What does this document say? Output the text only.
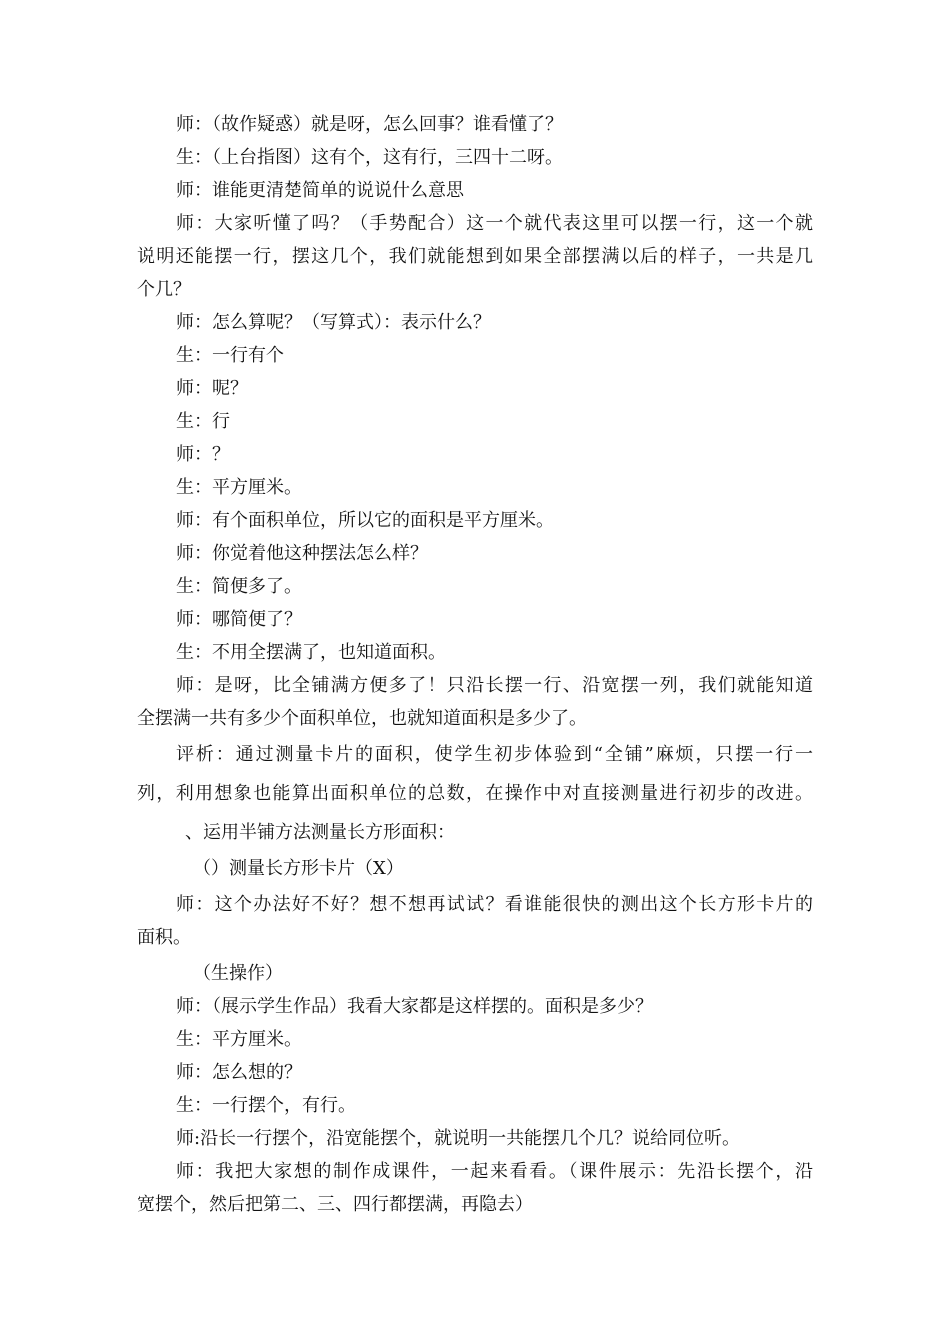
师：（故作疑惑）就是呀，怎么回事？谁看懂了？
生：（上台指图）这有个，这有行，三四十二呀。
师：谁能更清楚简单的说说什么意思
师：大家听懂了吗？（手势配合）这一个就代表这里可以摆一行，这一个就
说明还能摆一行，摆这几个，我们就能想到如果全部摆满以后的样子，一共是几
个几？
师：怎么算呢？（写算式）：表示什么？
生：一行有个
师：呢？
生：行
师：？
生：平方厘米。
师：有个面积单位，所以它的面积是平方厘米。
师：你觉着他这种摆法怎么样？
生：简便多了。
师：哪简便了？
生：不用全摆满了，也知道面积。
师：是呀，比全铺满方便多了！只沿长摆一行、沿宽摆一列，我们就能知道
全摆满一共有多少个面积单位，也就知道面积是多少了。
评析：通过测量卡片的面积，使学生初步体验到“全铺”麻烦，只摆一行一
列，利用想象也能算出面积单位的总数，在操作中对直接测量进行初步的改进。
、运用半铺方法测量长方形面积：
（）测量长方形卡片（X）
师：这个办法好不好？想不想再试试？看谁能很快的测出这个长方形卡片的
面积。
（生操作）
师：（展示学生作品）我看大家都是这样摆的。面积是多少？
生：平方厘米。
师：怎么想的？
生：一行摆个，有行。
师:沿长一行摆个，沿宽能摆个，就说明一共能摆几个几？说给同位听。
师：我把大家想的制作成课件，一起来看看。（课件展示：先沿长摆个，沿
宽摆个，然后把第二、三、四行都摆满，再隐去）
